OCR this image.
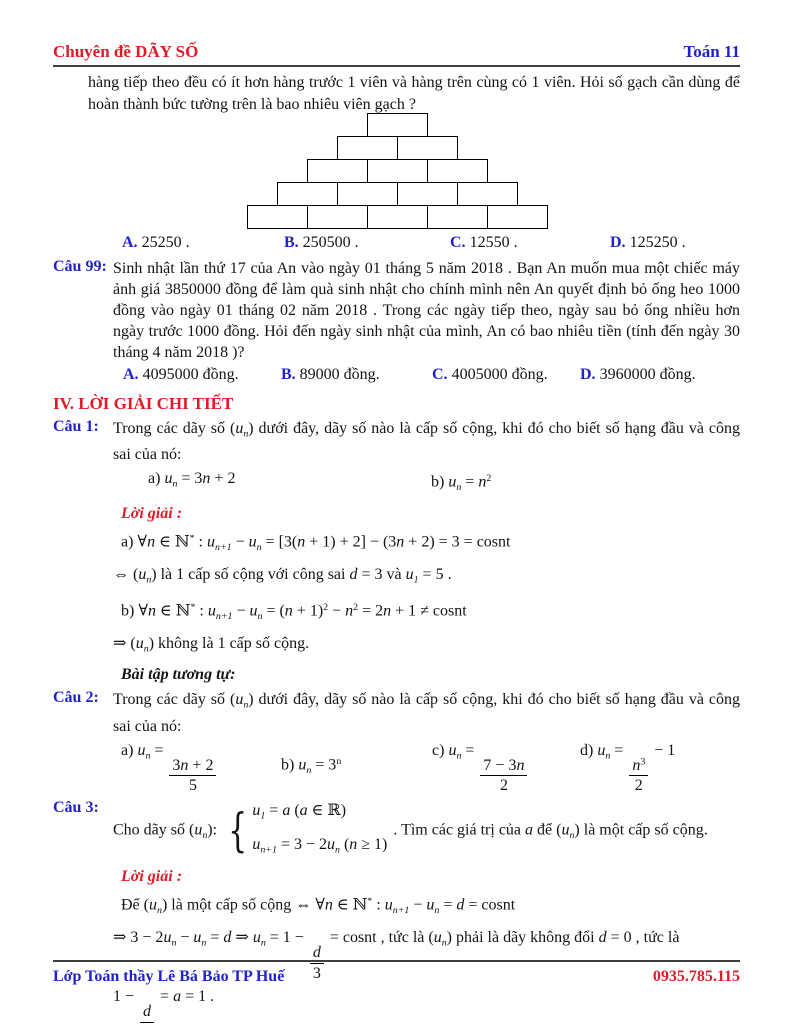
Chuyên đề DÃY SỐ	Toán 11

hàng tiếp theo đều có ít hơn hàng trước 1 viên và hàng trên cùng có 1 viên. Hỏi số gạch cần dùng để hoàn thành bức tường trên là bao nhiêu viên gạch ?

A. 25250 .	B. 250500 .	C. 12550 .	D. 125250 .
Câu 99: Sinh nhật lần thứ 17 của An vào ngày 01 tháng 5 năm 2018 . Bạn An muốn mua một chiếc máy ảnh giá 3850000 đồng để làm quà sinh nhật cho chính mình nên An quyết định bỏ ống heo 1000 đồng vào ngày 01 tháng 02 năm 2018 . Trong các ngày tiếp theo, ngày sau bỏ ống nhiều hơn ngày trước 1000 đồng. Hỏi đến ngày sinh nhật của mình, An có bao nhiêu tiền (tính đến ngày 30 tháng 4 năm 2018 )?

A. 4095000 đồng.	B. 89000 đồng.	C. 4005000 đồng.	D. 3960000 đồng.
IV. LỜI GIẢI CHI TIẾT
Câu 1: Trong các dãy số $(u_n)$ dưới đây, dãy số nào là cấp số cộng, khi đó cho biết số hạng đầu và công sai của nó:

a) $u_n = 3n + 2$	b) $u_n = n^2$

Lời giải :

a) ∀n ∈ ℕ* : $u_{n+1} - u_n = [3(n + 1) + 2] - (3n + 2) = 3$ = cosnt
⇔ $(u_n)$ là 1 cấp số cộng với công sai d = 3 và $u_1 = 5$ .
b) ∀n ∈ ℕ* : $u_{n+1} - u_n = (n + 1)^2 - n^2 = 2n + 1$ ≠ cosnt
⇒ $(u_n)$ không là 1 cấp số cộng.

Bài tập tương tự:

Câu 2: Trong các dãy số $(u_n)$ dưới đây, dãy số nào là cấp số cộng, khi đó cho biết số hạng đầu và công sai của nó:

a) $u_n$ =
$\frac{3n + 2}{5}$	b) $u_n = 3^n$
c) $u_n$ =
$\frac{7 - 3n}{2}$
d) $u_n$ =
$\frac{n^3}{2}$
− 1
Câu 3:

Cho dãy số $(u_n)$: { $u_1 = a$ (a ∈ ℝ)
$u_{n+1} = 3 - 2u_n$ (n ≥ 1)
. Tìm các giá trị của a để $(u_n)$ là một cấp số cộng.

Lời giải :

Để $(u_n)$ là một cấp số cộng ⇔ ∀n ∈ ℕ* : $u_{n+1} - u_n = d$ = cosnt
⇒ $3 - 2u_n - u_n = d$ ⇒ $u_n = 1$ −
$\frac{d}{3}$
= cosnt , tức là $(u_n)$ phải là dãy không đổi d = 0 , tức là
1 −
d
= a = 1 .
Lớp Toán thầy Lê Bá Bảo TP Huế	0935.785.115
